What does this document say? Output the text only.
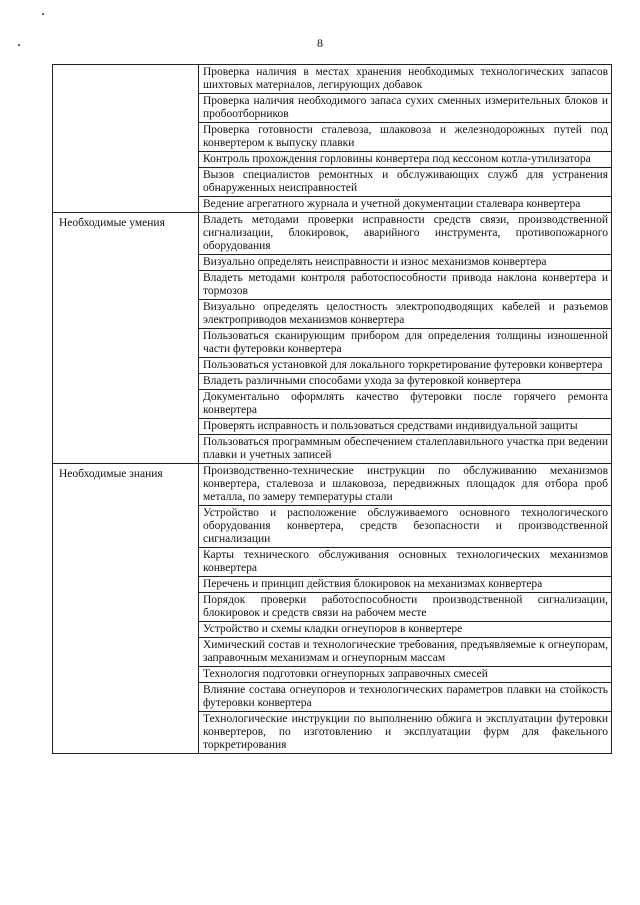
8
	Проверка наличия в местах хранения необходимых технологических запасов шихтовых материалов, легирующих добавок
	Проверка наличия необходимого запаса сухих сменных измерительных блоков и пробоотборников
	Проверка готовности сталевоза, шлаковоза и железнодорожных путей под конвертером к выпуску плавки
	Контроль прохождения горловины конвертера под кессоном котла-утилизатора
	Вызов специалистов ремонтных и обслуживающих служб для устранения обнаруженных неисправностей
	Ведение агрегатного журнала и учетной документации сталевара конвертера
Необходимые умения	Владеть методами проверки исправности средств связи, производственной сигнализации, блокировок, аварийного инструмента, противопожарного оборудования
	Визуально определять неисправности и износ механизмов конвертера
	Владеть методами контроля работоспособности привода наклона конвертера и тормозов
	Визуально определять целостность электроподводящих кабелей и разъемов электроприводов механизмов конвертера
	Пользоваться сканирующим прибором для определения толщины изношенной части футеровки конвертера
	Пользоваться установкой для локального торкретирование футеровки конвертера
	Владеть различными способами ухода за футеровкой конвертера
	Документально оформлять качество футеровки после горячего ремонта конвертера
	Проверять исправность и пользоваться средствами индивидуальной защиты
	Пользоваться программным обеспечением сталеплавильного участка при ведении плавки и учетных записей
Необходимые знания	Производственно-технические инструкции по обслуживанию механизмов конвертера, сталевоза и шлаковоза, передвижных площадок для отбора проб металла, по замеру температуры стали
	Устройство и расположение обслуживаемого основного технологического оборудования конвертера, средств безопасности и производственной сигнализации
	Карты технического обслуживания основных технологических механизмов конвертера
	Перечень и принцип действия блокировок на механизмах конвертера
	Порядок проверки работоспособности производственной сигнализации, блокировок и средств связи на рабочем месте
	Устройство и схемы кладки огнеупоров в конвертере
	Химический состав и технологические требования, предъявляемые к огнеупорам, заправочным механизмам и огнеупорным массам
	Технология подготовки огнеупорных заправочных смесей
	Влияние состава огнеупоров и технологических параметров плавки на стойкость футеровки конвертера
	Технологические инструкции по выполнению обжига и эксплуатации футеровки конвертеров, по изготовлению и эксплуатации фурм для факельного торкретирования
